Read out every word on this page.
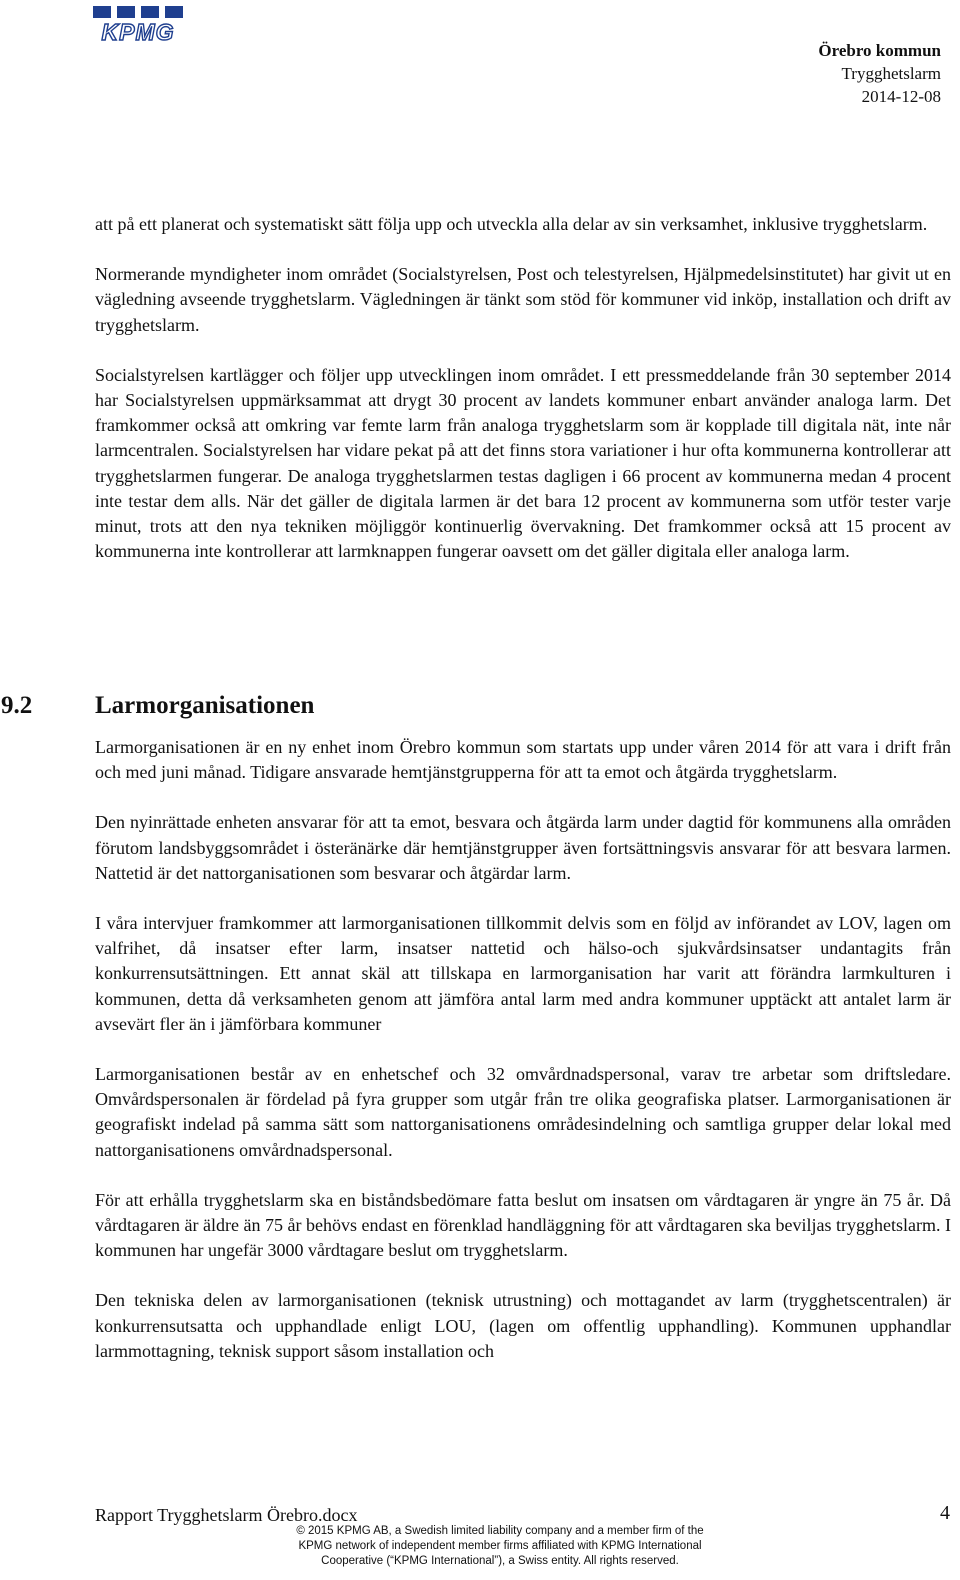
KPMG
Örebro kommun
Trygghetslarm
2014-12-08

att på ett planerat och systematiskt sätt följa upp och utveckla alla delar av sin verksamhet, inklusive trygghetslarm.

Normerande myndigheter inom området (Socialstyrelsen, Post och telestyrelsen, Hjälpmedelsinstitutet) har givit ut en vägledning avseende trygghetslarm. Vägledningen är tänkt som stöd för kommuner vid inköp, installation och drift av trygghetslarm.

Socialstyrelsen kartlägger och följer upp utvecklingen inom området. I ett pressmeddelande från 30 september 2014 har Socialstyrelsen uppmärksammat att drygt 30 procent av landets kommuner enbart använder analoga larm. Det framkommer också att omkring var femte larm från analoga trygghetslarm som är kopplade till digitala nät, inte når larmcentralen. Socialstyrelsen har vidare pekat på att det finns stora variationer i hur ofta kommunerna kontrollerar att trygghetslarmen fungerar. De analoga trygghetslarmen testas dagligen i 66 procent av kommunerna medan 4 procent inte testar dem alls. När det gäller de digitala larmen är det bara 12 procent av kommunerna som utför tester varje minut, trots att den nya tekniken möjliggör kontinuerlig övervakning. Det framkommer också att 15 procent av kommunerna inte kontrollerar att larmknappen fungerar oavsett om det gäller digitala eller analoga larm.

9.2	Larmorganisationen

Larmorganisationen är en ny enhet inom Örebro kommun som startats upp under våren 2014 för att vara i drift från och med juni månad. Tidigare ansvarade hemtjänstgrupperna för att ta emot och åtgärda trygghetslarm.

Den nyinrättade enheten ansvarar för att ta emot, besvara och åtgärda larm under dagtid för kommunens alla områden förutom landsbyggsområdet i österänärke där hemtjänstgrupper även fortsättningsvis ansvarar för att besvara larmen. Nattetid är det nattorganisationen som besvarar och åtgärdar larm.

I våra intervjuer framkommer att larmorganisationen tillkommit delvis som en följd av införandet av LOV, lagen om valfrihet, då insatser efter larm, insatser nattetid och hälso-och sjukvårdsinsatser undantagits från konkurrensutsättningen. Ett annat skäl att tillskapa en larmorganisation har varit att förändra larmkulturen i kommunen, detta då verksamheten genom att jämföra antal larm med andra kommuner upptäckt att antalet larm är avsevärt fler än i jämförbara kommuner

Larmorganisationen består av en enhetschef och 32 omvårdnadspersonal, varav tre arbetar som driftsledare. Omvårdspersonalen är fördelad på fyra grupper som utgår från tre olika geografiska platser. Larmorganisationen är geografiskt indelad på samma sätt som nattorganisationens områdesindelning och samtliga grupper delar lokal med nattorganisationens omvårdnadspersonal.

För att erhålla trygghetslarm ska en biståndsbedömare fatta beslut om insatsen om vårdtagaren är yngre än 75 år. Då vårdtagaren är äldre än 75 år behövs endast en förenklad handläggning för att vårdtagaren ska beviljas trygghetslarm. I kommunen har ungefär 3000 vårdtagare beslut om trygghetslarm.

Den tekniska delen av larmorganisationen (teknisk utrustning) och mottagandet av larm (trygghetscentralen) är konkurrensutsatta och upphandlade enligt LOU, (lagen om offentlig upphandling). Kommunen upphandlar larmmottagning, teknisk support såsom installation och

Rapport Trygghetslarm Örebro.docx	4
© 2015 KPMG AB, a Swedish limited liability company and a member firm of the
KPMG network of independent member firms affiliated with KPMG International
Cooperative (“KPMG International”), a Swiss entity. All rights reserved.
